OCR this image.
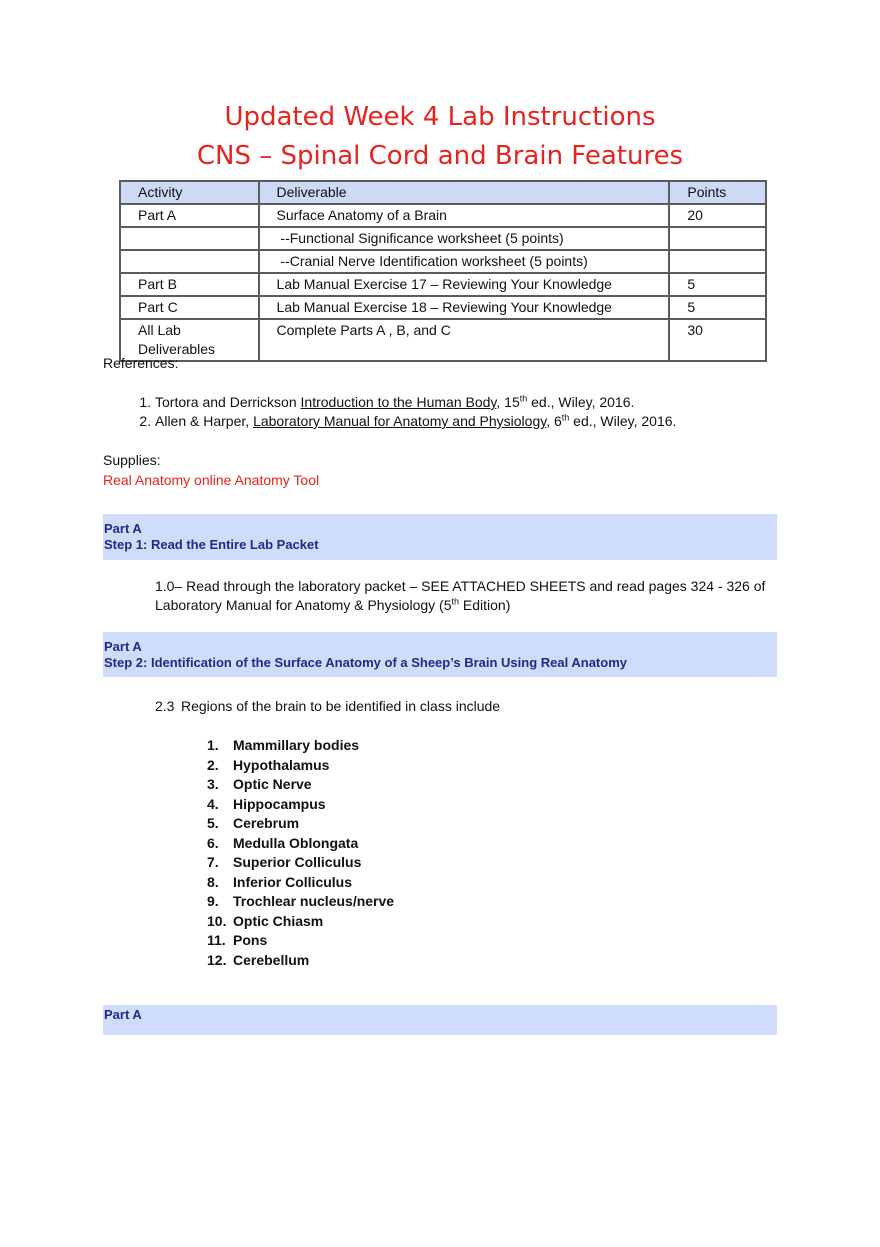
Updated Week 4 Lab Instructions
CNS – Spinal Cord and Brain Features
Activity	Deliverable	Points
Part A	Surface Anatomy of a Brain	20
	--Functional Significance worksheet (5 points)	
	--Cranial Nerve Identification worksheet (5 points)	
Part B	Lab Manual Exercise 17 – Reviewing Your Knowledge	5
Part C	Lab Manual Exercise 18 – Reviewing Your Knowledge	5
All Lab Deliverables	Complete Parts A , B, and C	30
References:
1. Tortora and Derrickson Introduction to the Human Body, 15th ed., Wiley, 2016.
2. Allen & Harper, Laboratory Manual for Anatomy and Physiology, 6th ed., Wiley, 2016.
Supplies:
Real Anatomy online Anatomy Tool
Part A
Step 1: Read the Entire Lab Packet
1.0– Read through the laboratory packet – SEE ATTACHED SHEETS and read pages 324 - 326 of Laboratory Manual for Anatomy & Physiology (5th Edition)
Part A
Step 2: Identification of the Surface Anatomy of a Sheep’s Brain Using Real Anatomy
2.3 Regions of the brain to be identified in class include
1.	Mammillary bodies
2.	Hypothalamus
3.	Optic Nerve
4.	Hippocampus
5.	Cerebrum
6.	Medulla Oblongata
7.	Superior Colliculus
8.	Inferior Colliculus
9.	Trochlear nucleus/nerve
10. Optic Chiasm
11. Pons
12. Cerebellum
Part A
